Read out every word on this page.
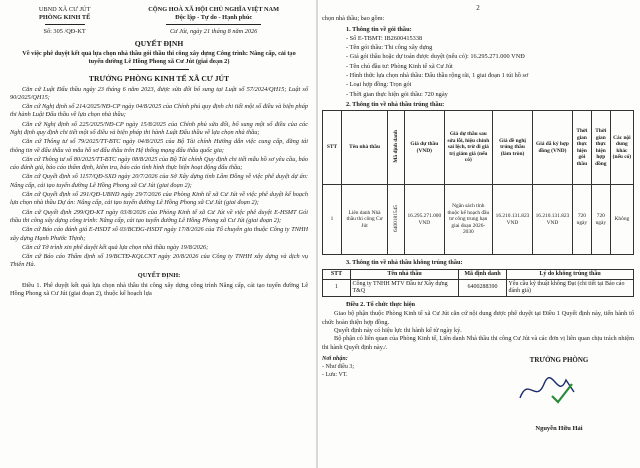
UBND XÃ CƯ JÚT
PHÒNG KINH TẾ
CỘNG HOÀ XÃ HỘI CHỦ NGHĨA VIỆT NAM
Độc lập - Tự do - Hạnh phúc
Số: 305 /QĐ-KT	Cư Jút, ngày 21 tháng 8 năm 2026
QUYẾT ĐỊNH
Về việc phê duyệt kết quả lựa chọn nhà thầu gói thầu thi công xây dựng Công trình: Nâng cấp, cải tạo tuyến đường Lê Hồng Phong xã Cư Jút (giai đoạn 2)
TRƯỞNG PHÒNG KINH TẾ XÃ CƯ JÚT

Căn cứ Luật Đấu thầu ngày 23 tháng 6 năm 2023, được sửa đổi bổ sung tại Luật số 57/2024/QH15; Luật số 90/2025/QH15;

Căn cứ Nghị định số 214/2025/NĐ-CP ngày 04/8/2025 của Chính phủ quy định chi tiết một số điều và biện pháp thi hành Luật Đấu thầu về lựa chọn nhà thầu;

Căn cứ Nghị định số 225/2025/NĐ-CP ngày 15/8/2025 của Chính phủ sửa đổi, bổ sung một số điều của các Nghị định quy định chi tiết một số điều và biện pháp thi hành Luật Đấu thầu về lựa chọn nhà thầu;

Căn cứ Thông tư số 79/2025/TT-BTC ngày 04/8/2025 của Bộ Tài chính Hướng dẫn việc cung cấp, đăng tải thông tin về đấu thầu và mẫu hồ sơ đấu thầu trên Hệ thống mạng đấu thầu quốc gia;

Căn cứ Thông tư số 80/2025/TT-BTC ngày 08/8/2025 của Bộ Tài chính Quy định chi tiết mẫu hồ sơ yêu cầu, báo cáo đánh giá, báo cáo thẩm định, kiểm tra, báo cáo tình hình thực hiện hoạt động đấu thầu;

Căn cứ Quyết định số 1157/QĐ-SXD ngày 20/7/2026 của Sở Xây dựng tỉnh Lâm Đồng về việc phê duyệt dự án: Nâng cấp, cải tạo tuyến đường Lê Hồng Phong xã Cư Jút (giai đoạn 2);

Căn cứ Quyết định số 291/QĐ-UBND ngày 29/7/2026 của Phòng Kinh tế xã Cư Jút về việc phê duyệt kế hoạch lựa chọn nhà thầu Dự án: Nâng cấp, cải tạo tuyến đường Lê Hồng Phong xã Cư Jút (giai đoạn 2);

Căn cứ Quyết định 299/QĐ-KT ngày 03/8/2026 của Phòng Kinh tế xã Cư Jút về việc phê duyệt E-HSMT Gói thầu thi công xây dựng công trình: Nâng cấp, cải tạo tuyến đường Lê Hồng Phong xã Cư Jút (giai đoạn 2);

Căn cứ Báo cáo đánh giá E-HSDT số 03/BCĐG-HSDT ngày 17/8/2026 của Tổ chuyên gia thuộc Công ty TNHH xây dựng Hạnh Phước Thịnh;

Căn cứ Tờ trình xin phê duyệt kết quả lựa chọn nhà thầu ngày 19/8/2026;

Căn cứ Báo cáo Thẩm định số 19/BCTĐ-KQLCNT ngày 20/8/2026 của Công ty TNHH xây dựng và dịch vụ Thiên Hà.

QUYẾT ĐỊNH:

Điều 1. Phê duyệt kết quả lựa chọn nhà thầu thi công xây dựng công trình Nâng cấp, cải tạo tuyến đường Lê Hồng Phong xã Cư Jút (giai đoạn 2), thuộc kế hoạch lựa

2
chọn nhà thầu; bao gồm:
1. Thông tin về gói thầu:
- Số E-TBMT: IB2600415338
- Tên gói thầu: Thi công xây dựng
- Giá gói thầu hoặc dự toán được duyệt (nếu có): 16.295.271.000 VNĐ
- Tên chủ đầu tư: Phòng Kinh tế xã Cư Jút
- Hình thức lựa chọn nhà thầu: Đấu thầu rộng rãi, 1 giai đoạn 1 túi hồ sơ
- Loại hợp đồng: Trọn gói
- Thời gian thực hiện gói thầu: 720 ngày
2. Thông tin về nhà thầu trúng thầu:
STT	Tên nhà thầu	Mã định danh	Giá dự thầu (VND)	Giá dự thầu sau sửa lỗi, hiệu chỉnh sai lệch, trừ đi giá trị giảm giá (nếu có)	Giá đề nghị trúng thầu (làm tròn)	Giá đã ký hợp đồng (VND)	Thời gian thực hiện gói thầu	Thời gian thực hiện hợp đồng	Các nội dung khác (nếu có)
1	Liên danh Nhà thầu thi công Cư Jút	6400181545	16.295.271.000 VND	Ngân sách tỉnh thuộc kế hoạch đầu tư công trung hạn giai đoạn 2026-2030	16.210.131.823 VND	16.210.131.823 VND	720 ngày	720 ngày	Không
3. Thông tin về nhà thầu không trúng thầu:
STT	Tên nhà thầu	Mã định danh	Lý do không trúng thầu
1	Công ty TNHH MTV Đầu tư Xây dựng T&Q	6400288390	Yêu cầu kỹ thuật không Đạt (chi tiết tại Báo cáo đánh giá)
Điều 2. Tổ chức thực hiện

Giao bộ phận thuộc Phòng Kinh tế xã Cư Jút căn cứ nội dung được phê duyệt tại Điều 1 Quyết định này, tiến hành tổ chức hoàn thiện hợp đồng.

Quyết định này có hiệu lực thi hành kể từ ngày ký.

Bộ phận có liên quan của Phòng Kinh tế, Liên danh Nhà thầu thi công Cư Jút và các đơn vị liên quan chịu trách nhiệm thi hành Quyết định này./.

Nơi nhận:
- Như điều 3;
- Lưu: VT.
TRƯỞNG PHÒNG
Nguyễn Hữu Hải
